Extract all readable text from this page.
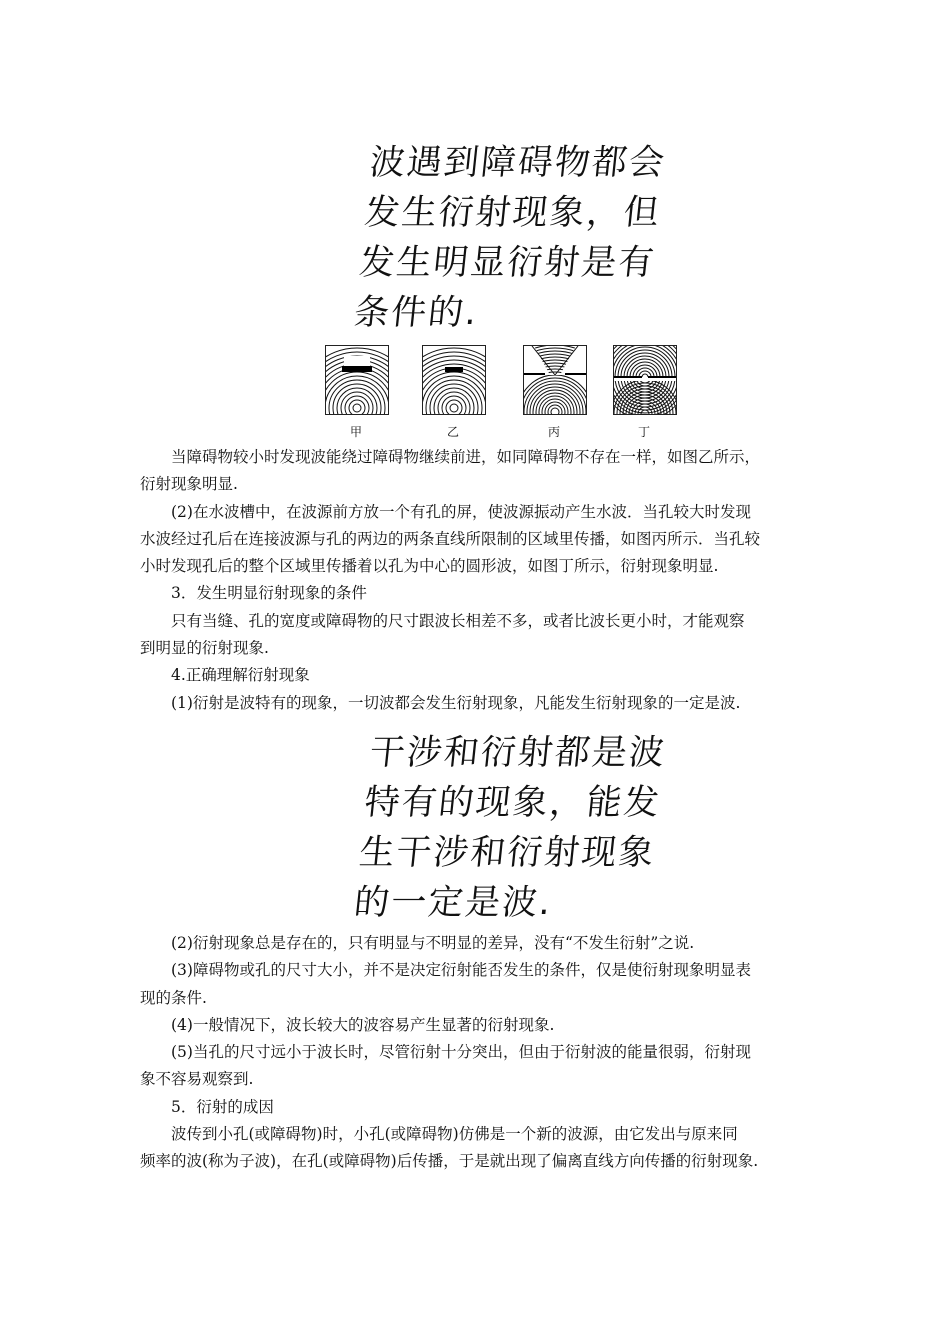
波遇到障碍物都会
发生衍射现象，但
发生明显衍射是有
条件的.
甲	乙	丙	丁

当障碍物较小时发现波能绕过障碍物继续前进，如同障碍物不存在一样，如图乙所示，

衍射现象明显.

(2)在水波槽中，在波源前方放一个有孔的屏，使波源振动产生水波．当孔较大时发现

水波经过孔后在连接波源与孔的两边的两条直线所限制的区域里传播，如图丙所示．当孔较

小时发现孔后的整个区域里传播着以孔为中心的圆形波，如图丁所示，衍射现象明显.

3．发生明显衍射现象的条件

只有当缝、孔的宽度或障碍物的尺寸跟波长相差不多，或者比波长更小时，才能观察

到明显的衍射现象.

4.正确理解衍射现象

(1)衍射是波特有的现象，一切波都会发生衍射现象，凡能发生衍射现象的一定是波.

干涉和衍射都是波
特有的现象，能发
生干涉和衍射现象
的一定是波.

(2)衍射现象总是存在的，只有明显与不明显的差异，没有“不发生衍射”之说.

(3)障碍物或孔的尺寸大小，并不是决定衍射能否发生的条件，仅是使衍射现象明显表

现的条件.

(4)一般情况下，波长较大的波容易产生显著的衍射现象.

(5)当孔的尺寸远小于波长时，尽管衍射十分突出，但由于衍射波的能量很弱，衍射现

象不容易观察到.

5．衍射的成因

波传到小孔(或障碍物)时，小孔(或障碍物)仿佛是一个新的波源，由它发出与原来同

频率的波(称为子波)，在孔(或障碍物)后传播，于是就出现了偏离直线方向传播的衍射现象.
